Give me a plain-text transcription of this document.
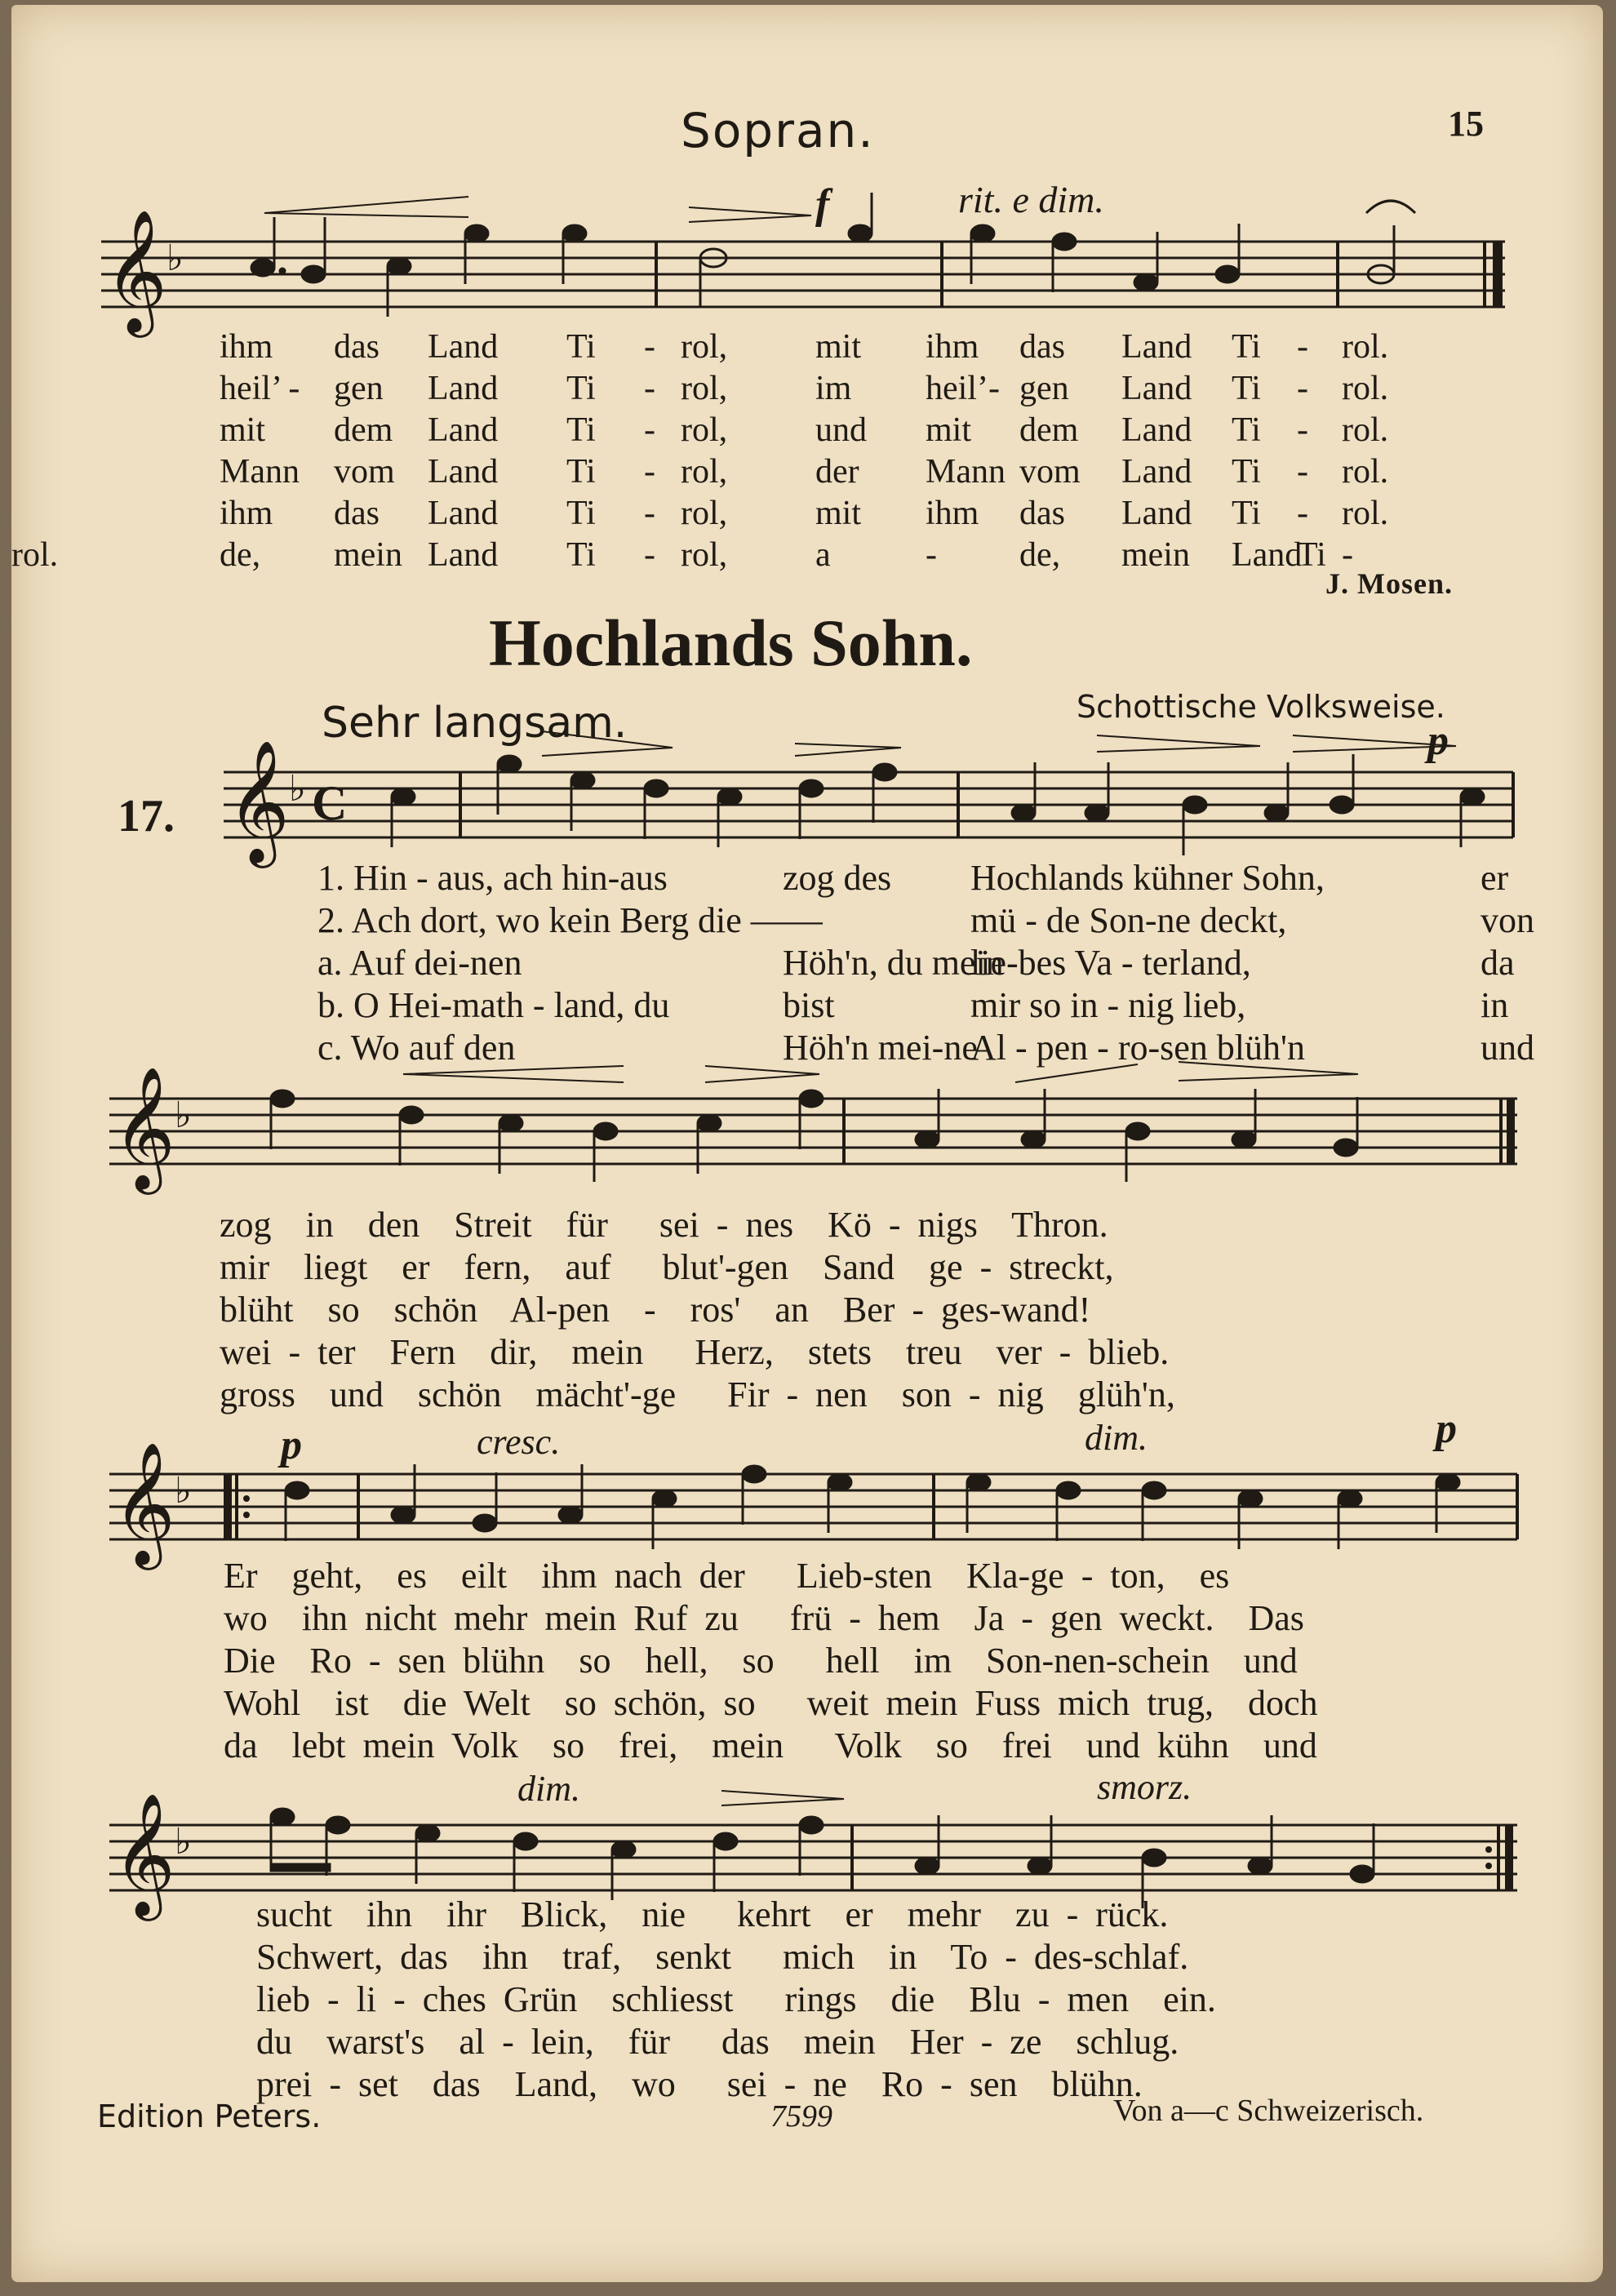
Sopran.	15
f	rit. e dim.
𝄞 ♭
ihm das Land Ti - rol,	mit ihm das Land Ti - rol.
heil’ - gen Land Ti - rol,	im heil’- gen Land Ti - rol.
mit dem Land Ti - rol,	und mit dem Land Ti - rol.
Mann vom Land Ti - rol,	der Mann vom Land Ti - rol.
ihm das Land Ti - rol,	mit ihm das Land Ti - rol.
de, mein Land Ti - rol,	a	- de, mein Land
Ti -
rol.
J. Mosen.
Hochlands Sohn.
Sehr langsam.	Schottische Volksweise.
17.
p
𝄞 ♭ C
1. Hin - aus, ach hin-aus	zog des Hochlands kühner Sohn,	er
2. Ach dort, wo kein Berg die ——	mü - de Son-ne deckt,	von
a. Auf dei-nen	Höh'n, du mein
lie-bes Va - terland,	da
b. O Hei-math - land, du	bist	mir so in - nig lieb,	in
c. Wo auf den	Höh'n mei-ne
Al - pen - ro-sen blüh'n	und
𝄞 ♭
zog  in  den  Streit  für   sei - nes  Kö - nigs  Thron.
mir  liegt  er  fern,  auf   blut'-gen  Sand  ge - streckt,
blüht  so  schön  Al-pen  -  ros'  an  Ber - ges-wand!
wei - ter  Fern  dir,  mein   Herz,  stets  treu  ver - blieb.
gross  und  schön  mächt'-ge   Fir - nen  son - nig  glüh'n,
p	cresc.	dim.	p
𝄞 ♭
Er  geht,  es  eilt  ihm nach der   Lieb-sten  Kla-ge - ton,  es
wo  ihn nicht mehr mein Ruf zu   frü - hem  Ja - gen weckt.  Das
Die  Ro - sen blühn  so  hell,  so   hell  im  Son-nen-schein  und
Wohl  ist  die Welt  so schön, so   weit mein Fuss mich trug,  doch
da  lebt mein Volk  so  frei,  mein   Volk  so  frei  und kühn  und
dim.	smorz.
𝄞 ♭
sucht  ihn  ihr  Blick,  nie   kehrt  er  mehr  zu - rück.
Schwert, das  ihn  traf,  senkt   mich  in  To - des-schlaf.
lieb - li - ches Grün  schliesst   rings  die  Blu - men  ein.
du  warst's  al - lein,  für   das  mein  Her - ze  schlug.
prei - set  das  Land,  wo   sei - ne  Ro - sen  blühn.
Edition Peters.	7599	Von a—c Schweizerisch.
